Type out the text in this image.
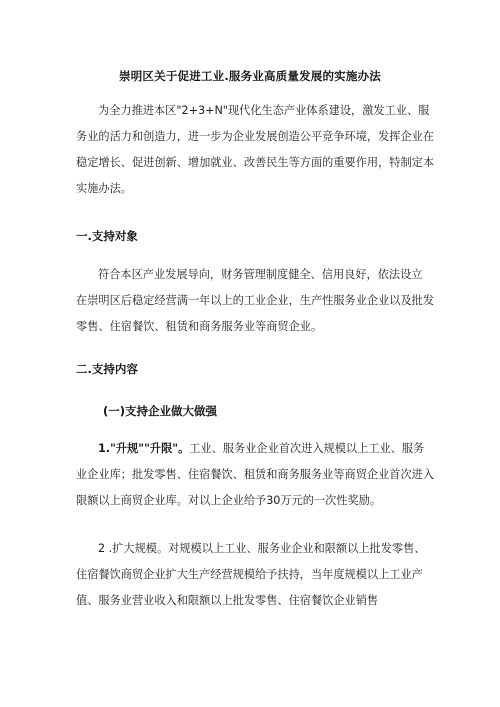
崇明区关于促进工业.服务业高质量发展的实施办法
为全力推进本区"2+3+N"现代化生态产业体系建设，激发工业、服
务业的活力和创造力，进一步为企业发展创造公平竞争环境，发挥企业在
稳定增长、促进创新、增加就业、改善民生等方面的重要作用，特制定本
实施办法。
一.支持对象
符合本区产业发展导向，财务管理制度健全、信用良好，依法设立
在崇明区后稳定经营满一年以上的工业企业，生产性服务业企业以及批发
零售、住宿餐饮、租赁和商务服务业等商贸企业。
二.支持内容
(一)支持企业做大做强
1."升规""升限"。工业、服务业企业首次进入规模以上工业、服务
业企业库；批发零售、住宿餐饮、租赁和商务服务业等商贸企业首次进入
限额以上商贸企业库。对以上企业给予30万元的一次性奖励。
2 .扩大规模。对规模以上工业、服务业企业和限额以上批发零售、
住宿餐饮商贸企业扩大生产经营规模给予扶持，当年度规模以上工业产
值、服务业营业收入和限额以上批发零售、住宿餐饮企业销售
